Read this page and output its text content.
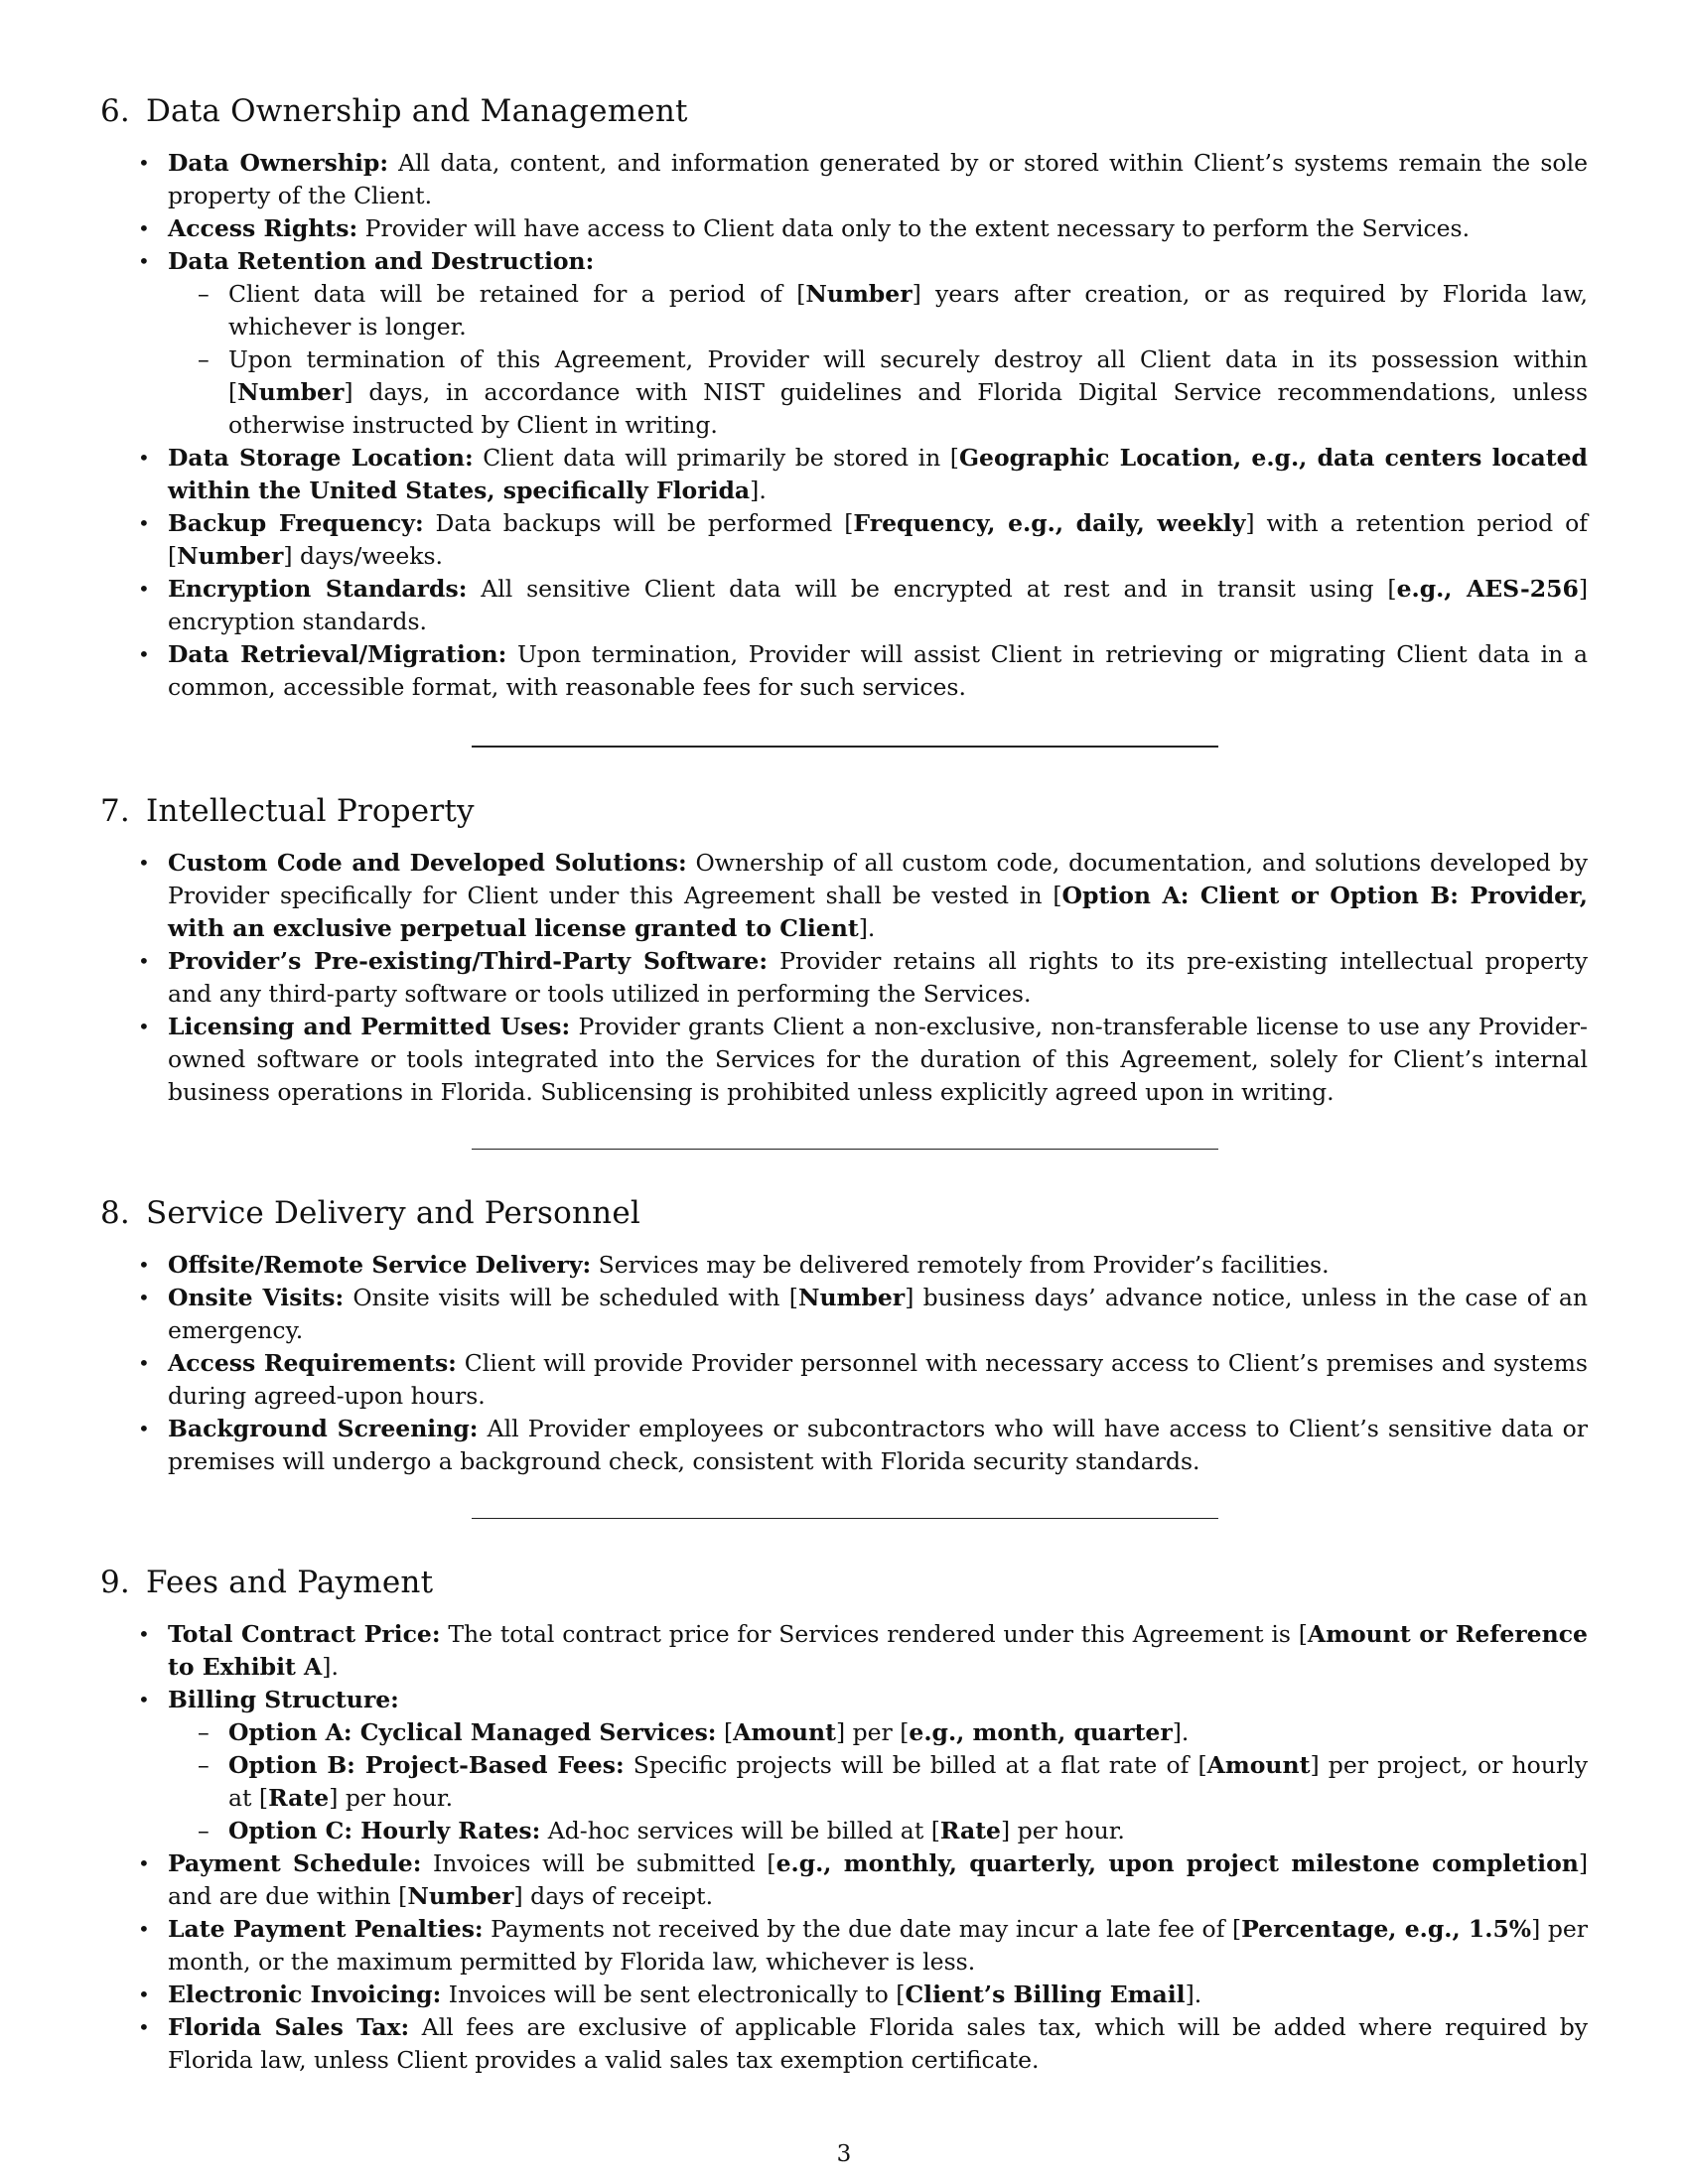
6. Data Ownership and Management
• Data Ownership: All data, content, and information generated by or stored within Client’s systems remain the sole property of the Client.
• Access Rights: Provider will have access to Client data only to the extent necessary to perform the Services.
• Data Retention and Destruction:
– Client data will be retained for a period of [Number] years after creation, or as required by Florida law, whichever is longer.
– Upon termination of this Agreement, Provider will securely destroy all Client data in its possession within [Number] days, in accordance with NIST guidelines and Florida Digital Service recommendations, unless otherwise instructed by Client in writing.
• Data Storage Location: Client data will primarily be stored in [Geographic Location, e.g., data centers located within the United States, specifically Florida].
• Backup Frequency: Data backups will be performed [Frequency, e.g., daily, weekly] with a retention period of [Number] days/weeks.
• Encryption Standards: All sensitive Client data will be encrypted at rest and in transit using [e.g., AES-256] encryption standards.
• Data Retrieval/Migration: Upon termination, Provider will assist Client in retrieving or migrating Client data in a common, accessible format, with reasonable fees for such services.
7. Intellectual Property
• Custom Code and Developed Solutions: Ownership of all custom code, documentation, and solutions developed by Provider specifically for Client under this Agreement shall be vested in [Option A: Client or Option B: Provider, with an exclusive perpetual license granted to Client].
• Provider’s Pre-existing/Third-Party Software: Provider retains all rights to its pre-existing intellectual property and any third-party software or tools utilized in performing the Services.
• Licensing and Permitted Uses: Provider grants Client a non-exclusive, non-transferable license to use any Provider-owned software or tools integrated into the Services for the duration of this Agreement, solely for Client’s internal business operations in Florida. Sublicensing is prohibited unless explicitly agreed upon in writing.
8. Service Delivery and Personnel
• Offsite/Remote Service Delivery: Services may be delivered remotely from Provider’s facilities.
• Onsite Visits: Onsite visits will be scheduled with [Number] business days’ advance notice, unless in the case of an emergency.
• Access Requirements: Client will provide Provider personnel with necessary access to Client’s premises and systems during agreed-upon hours.
• Background Screening: All Provider employees or subcontractors who will have access to Client’s sensitive data or premises will undergo a background check, consistent with Florida security standards.
9. Fees and Payment
• Total Contract Price: The total contract price for Services rendered under this Agreement is [Amount or Reference to Exhibit A].
• Billing Structure:
– Option A: Cyclical Managed Services: [Amount] per [e.g., month, quarter].
– Option B: Project-Based Fees: Specific projects will be billed at a flat rate of [Amount] per project, or hourly at [Rate] per hour.
– Option C: Hourly Rates: Ad-hoc services will be billed at [Rate] per hour.
• Payment Schedule: Invoices will be submitted [e.g., monthly, quarterly, upon project milestone completion] and are due within [Number] days of receipt.
• Late Payment Penalties: Payments not received by the due date may incur a late fee of [Percentage, e.g., 1.5%] per month, or the maximum permitted by Florida law, whichever is less.
• Electronic Invoicing: Invoices will be sent electronically to [Client’s Billing Email].
• Florida Sales Tax: All fees are exclusive of applicable Florida sales tax, which will be added where required by Florida law, unless Client provides a valid sales tax exemption certificate.
3
